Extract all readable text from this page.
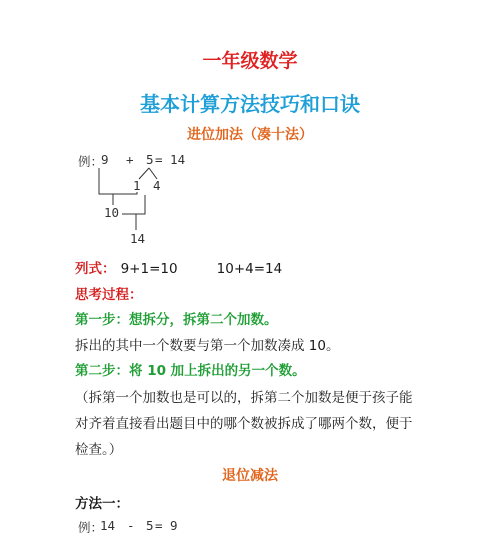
一年级数学
基本计算方法技巧和口诀
进位加法（凑十法）
例：
9 + 5 = 14
1 4
10
14
列式： 9+1=10	10+4=14
思考过程：
第一步：想拆分，拆第二个加数。
拆出的其中一个数要与第一个加数凑成 10。
第二步：将 10 加上拆出的另一个数。
（拆第一个加数也是可以的，拆第二个加数是便于孩子能
对齐着直接看出题目中的哪个数被拆成了哪两个数，便于
检查。）
退位减法
方法一：
例：
14 - 5 = 9
